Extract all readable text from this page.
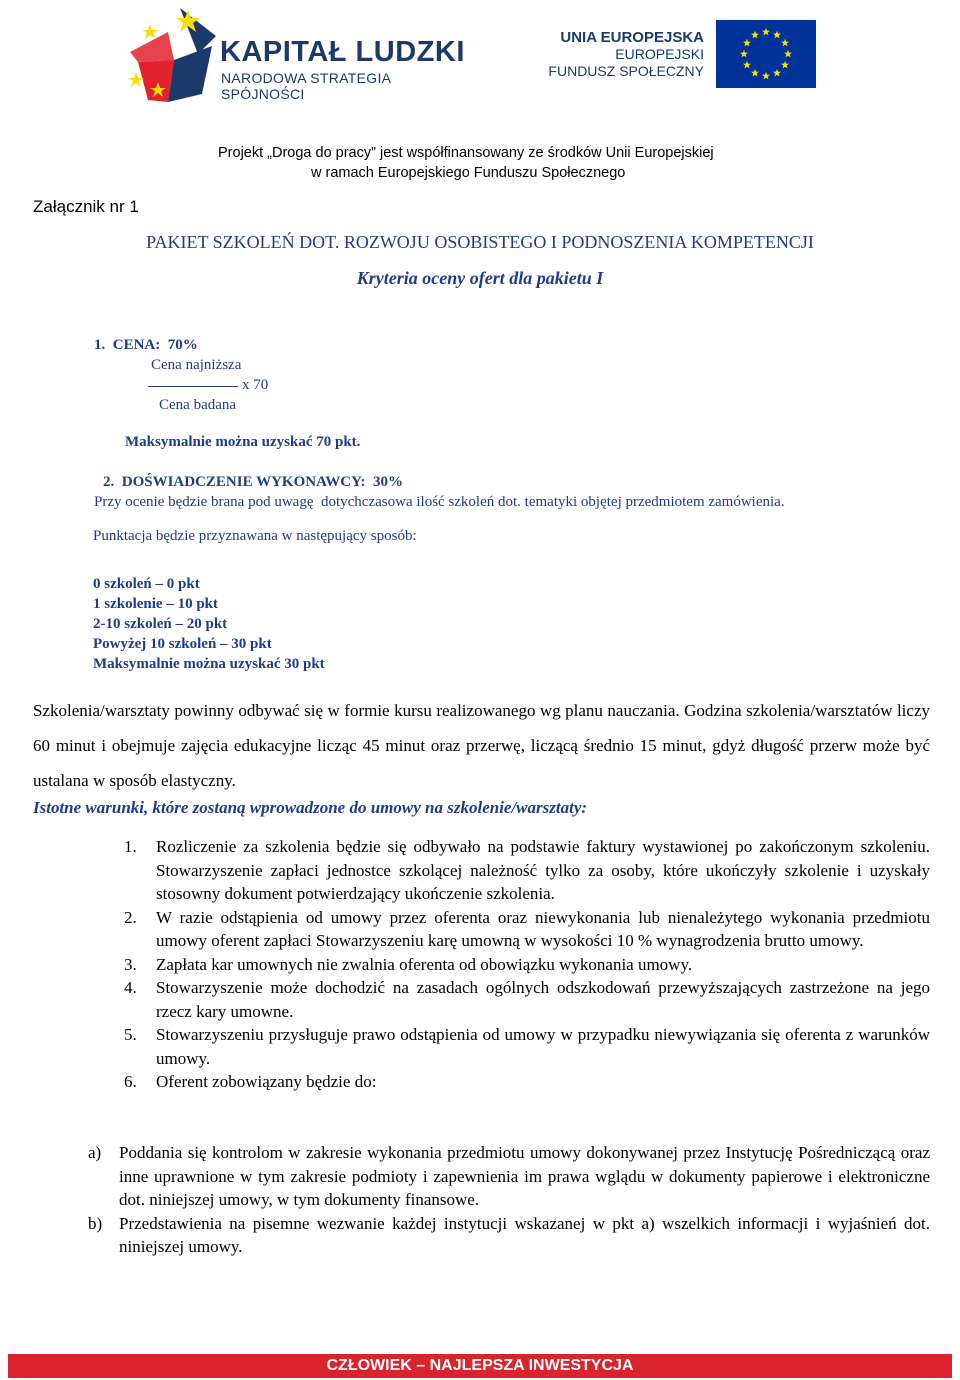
KAPITAŁ LUDZKI
NARODOWA STRATEGIA SPÓJNOŚCI
UNIA EUROPEJSKA
EUROPEJSKI
FUNDUSZ SPOŁECZNY
Projekt „Droga do pracy” jest współfinansowany ze środków Unii Europejskiej
w ramach Europejskiego Funduszu Społecznego
Załącznik nr 1
PAKIET SZKOLEŃ DOT. ROZWOJU OSOBISTEGO I PODNOSZENIA KOMPETENCJI
Kryteria oceny ofert dla pakietu I
1.  CENA:  70%
Cena najniższa
x 70
Cena badana
Maksymalnie można uzyskać 70 pkt.
2.  DOŚWIADCZENIE WYKONAWCY:  30%
Przy ocenie będzie brana pod uwagę  dotychczasowa ilość szkoleń dot. tematyki objętej przedmiotem zamówienia.
Punktacja będzie przyznawana w następujący sposób:
0 szkoleń – 0 pkt
1 szkolenie – 10 pkt
2-10 szkoleń – 20 pkt
Powyżej 10 szkoleń – 30 pkt
Maksymalnie można uzyskać 30 pkt
Szkolenia/warsztaty powinny odbywać się w formie kursu realizowanego wg planu nauczania. Godzina szkolenia/warsztatów liczy 60 minut i obejmuje zajęcia edukacyjne licząc 45 minut oraz przerwę, liczącą średnio 15 minut, gdyż długość przerw może być ustalana w sposób elastyczny.
Istotne warunki, które zostaną wprowadzone do umowy na szkolenie/warsztaty:
1. Rozliczenie za szkolenia będzie się odbywało na podstawie faktury wystawionej po zakończonym szkoleniu. Stowarzyszenie zapłaci jednostce szkolącej należność tylko za osoby, które ukończyły szkolenie i uzyskały stosowny dokument potwierdzający ukończenie szkolenia.
2. W razie odstąpienia od umowy przez oferenta oraz niewykonania lub nienależytego wykonania przedmiotu umowy oferent zapłaci Stowarzyszeniu karę umowną w wysokości 10 % wynagrodzenia brutto umowy.
3. Zapłata kar umownych nie zwalnia oferenta od obowiązku wykonania umowy.
4. Stowarzyszenie może dochodzić na zasadach ogólnych odszkodowań przewyższających zastrzeżone na jego rzecz kary umowne.
5. Stowarzyszeniu przysługuje prawo odstąpienia od umowy w przypadku niewywiązania się oferenta z warunków umowy.
6. Oferent zobowiązany będzie do:
a) Poddania się kontrolom w zakresie wykonania przedmiotu umowy dokonywanej przez Instytucję Pośredniczącą oraz inne uprawnione w tym zakresie podmioty i zapewnienia im prawa wglądu w dokumenty papierowe i elektroniczne dot. niniejszej umowy, w tym dokumenty finansowe.
b) Przedstawienia na pisemne wezwanie każdej instytucji wskazanej w pkt a) wszelkich informacji i wyjaśnień dot. niniejszej umowy.
CZŁOWIEK – NAJLEPSZA INWESTYCJA
